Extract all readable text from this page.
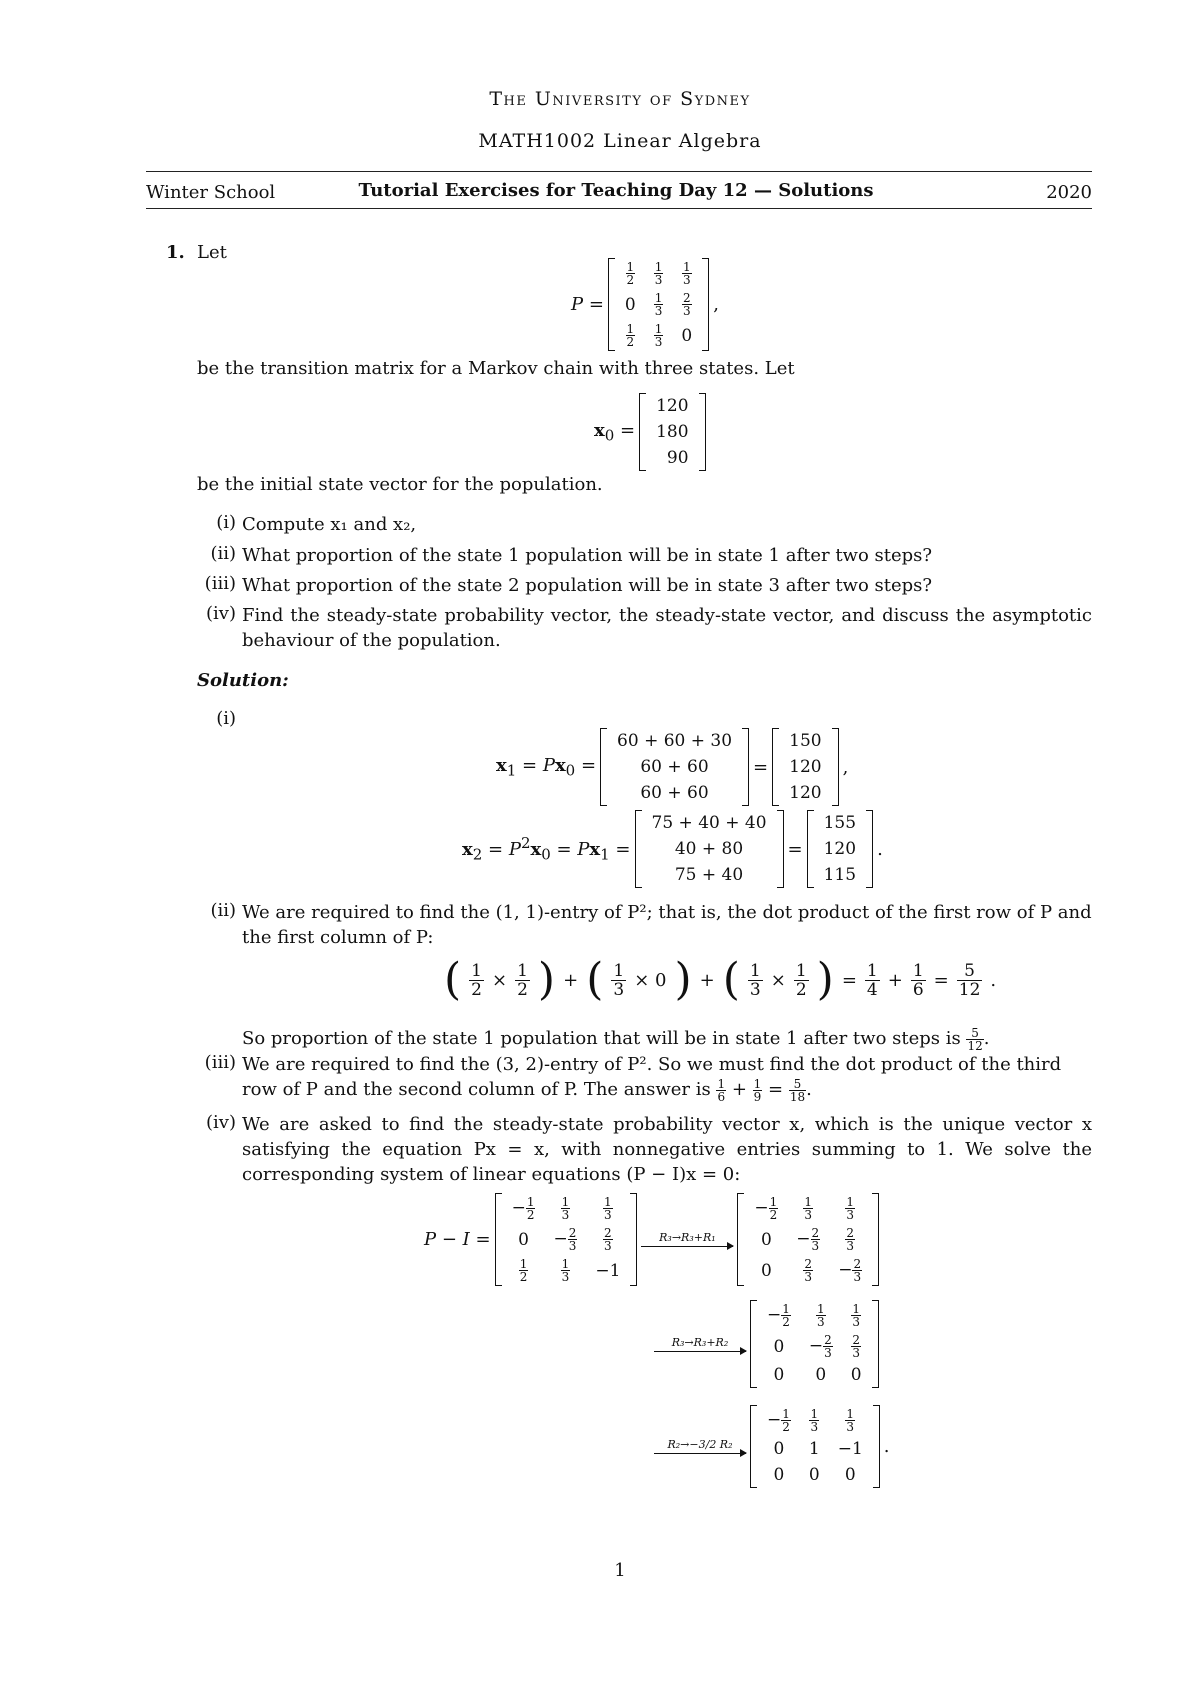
The University of Sydney
MATH1002 Linear Algebra
Winter School	Tutorial Exercises for Teaching Day 12 — Solutions	2020
1. Let
P =
$\frac{1}{2}$	$\frac{1}{3}$	$\frac{1}{3}$

0	$\frac{1}{3}$	$\frac{2}{3}$

$\frac{1}{2}$	$\frac{1}{3}$	0
,
be the transition matrix for a Markov chain with three states. Let
$x_0$ =
120
180
90
be the initial state vector for the population.
(i) Compute x₁ and x₂,
(ii) What proportion of the state 1 population will be in state 1 after two steps?
(iii) What proportion of the state 2 population will be in state 3 after two steps?
(iv) Find the steady-state probability vector, the steady-state vector, and discuss the asymptotic behaviour of the population.
Solution:
(i)
$x_1 = Px_0$ =
60 + 60 + 30
60 + 60
60 + 60
=
150
120
120
,
$x_2 = P^2x_0 = Px_1$ =
75 + 40 + 40
40 + 80
75 + 40
=
155
120
115
.
(ii) We are required to find the (1, 1)-entry of P²; that is, the dot product of the first row of P and the first column of P:
( $\frac{1}{2} \times \frac{1}{2}$ ) + ( $\frac{1}{3} \times 0$ ) + ( $\frac{1}{3} \times \frac{1}{2}$ ) = $\frac{1}{4} + \frac{1}{6} = \frac{5}{12}$ .
So proportion of the state 1 population that will be in state 1 after two steps is $\frac{5}{12}$ .
(iii) We are required to find the (3, 2)-entry of P². So we must find the dot product of the third row of P and the second column of P. The answer is $\frac{1}{6} + \frac{1}{9} = \frac{5}{18}$ .
(iv) We are asked to find the steady-state probability vector x, which is the unique vector x satisfying the equation Px = x, with nonnegative entries summing to 1. We solve the corresponding system of linear equations (P − I)x = 0:
P − I =
− $\frac{1}{2}$	$\frac{1}{3}$	$\frac{1}{3}$

0	− $\frac{2}{3}$	$\frac{2}{3}$

$\frac{1}{2}$	$\frac{1}{3}$	−1
R₃→R₃+R₁
− $\frac{1}{2}$	$\frac{1}{3}$	$\frac{1}{3}$

0	− $\frac{2}{3}$	$\frac{2}{3}$

0	$\frac{2}{3}$	− $\frac{2}{3}$
R₃→R₃+R₂
− $\frac{1}{2}$	$\frac{1}{3}$	$\frac{1}{3}$

0	− $\frac{2}{3}$	$\frac{2}{3}$

0	0	0
R₂→−3/2 R₂
− $\frac{1}{2}$	$\frac{1}{3}$	$\frac{1}{3}$

0	1	−1
0	0	0
.
1
